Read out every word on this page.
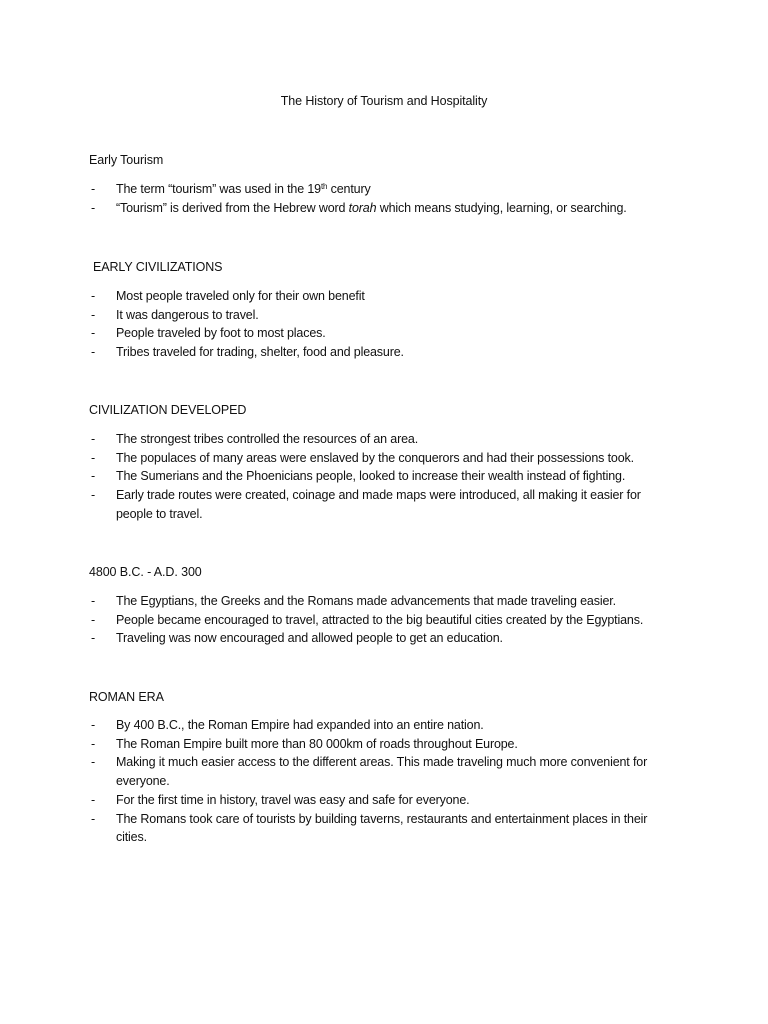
The History of Tourism and Hospitality
Early Tourism
- The term “tourism” was used in the 19th century
- “Tourism” is derived from the Hebrew word torah which means studying, learning, or searching.
EARLY CIVILIZATIONS
- Most people traveled only for their own benefit
- It was dangerous to travel.
- People traveled by foot to most places.
- Tribes traveled for trading, shelter, food and pleasure.
CIVILIZATION DEVELOPED
- The strongest tribes controlled the resources of an area.
- The populaces of many areas were enslaved by the conquerors and had their possessions took.
- The Sumerians and the Phoenicians people, looked to increase their wealth instead of fighting.
- Early trade routes were created, coinage and made maps were introduced, all making it easier for people to travel.
4800 B.C. - A.D. 300
- The Egyptians, the Greeks and the Romans made advancements that made traveling easier.
- People became encouraged to travel, attracted to the big beautiful cities created by the Egyptians.
- Traveling was now encouraged and allowed people to get an education.
ROMAN ERA
- By 400 B.C., the Roman Empire had expanded into an entire nation.
- The Roman Empire built more than 80 000km of roads throughout Europe.
- Making it much easier access to the different areas. This made traveling much more convenient for everyone.
- For the first time in history, travel was easy and safe for everyone.
- The Romans took care of tourists by building taverns, restaurants and entertainment places in their cities.
